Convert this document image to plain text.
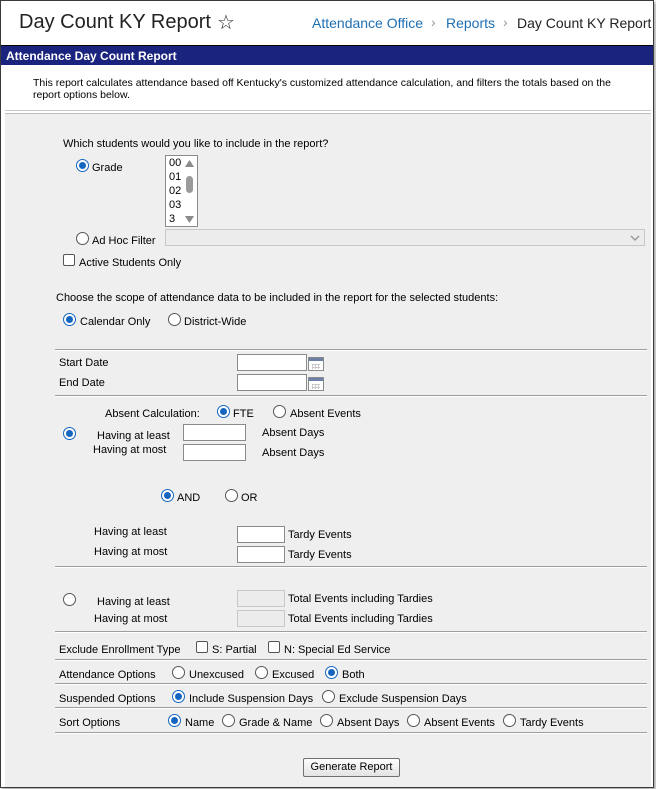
Day Count KY Report ☆	Attendance Office › Reports › Day Count KY Report
Attendance Day Count Report
This report calculates attendance based off Kentucky's customized attendance calculation, and filters the totals based on the report options below.
Which students would you like to include in the report?
Grade	00
01
02
03
3
Ad Hoc Filter
Active Students Only
Choose the scope of attendance data to be included in the report for the selected students:
Calendar Only	District-Wide
Start Date
End Date
Absent Calculation:	FTE	Absent Events
Having at least	Absent Days
Having at most	Absent Days
AND	OR
Having at least	Tardy Events
Having at most	Tardy Events
Having at least	Total Events including Tardies
Having at most	Total Events including Tardies
Exclude Enrollment Type	S: Partial N: Special Ed Service
Attendance Options	Unexcused	Excused	Both
Suspended Options	Include Suspension Days Exclude Suspension Days
Sort Options	Name Grade & Name Absent Days Absent Events Tardy Events
Generate Report
